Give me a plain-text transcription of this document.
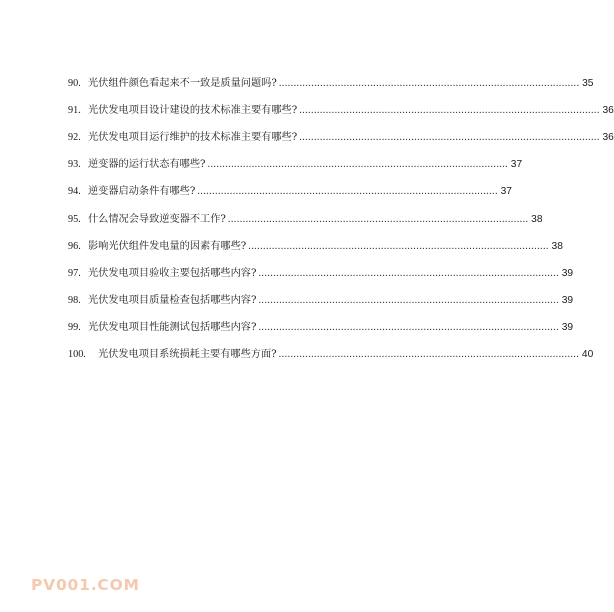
90. 光伏组件颜色看起来不一致是质量问题吗? ...................................................................................................... 35
91. 光伏发电项目设计建设的技术标准主要有哪些? ...................................................................................................... 36
92. 光伏发电项目运行维护的技术标准主要有哪些? ...................................................................................................... 36
93. 逆变器的运行状态有哪些? ...................................................................................................... 37
94. 逆变器启动条件有哪些? ...................................................................................................... 37
95. 什么情况会导致逆变器不工作? ...................................................................................................... 38
96. 影响光伏组件发电量的因素有哪些? ...................................................................................................... 38
97. 光伏发电项目验收主要包括哪些内容? ...................................................................................................... 39
98. 光伏发电项目质量检查包括哪些内容? ...................................................................................................... 39
99. 光伏发电项目性能测试包括哪些内容? ...................................................................................................... 39
100.	光伏发电项目系统损耗主要有哪些方面? ...................................................................................................... 40
PV001.COM
